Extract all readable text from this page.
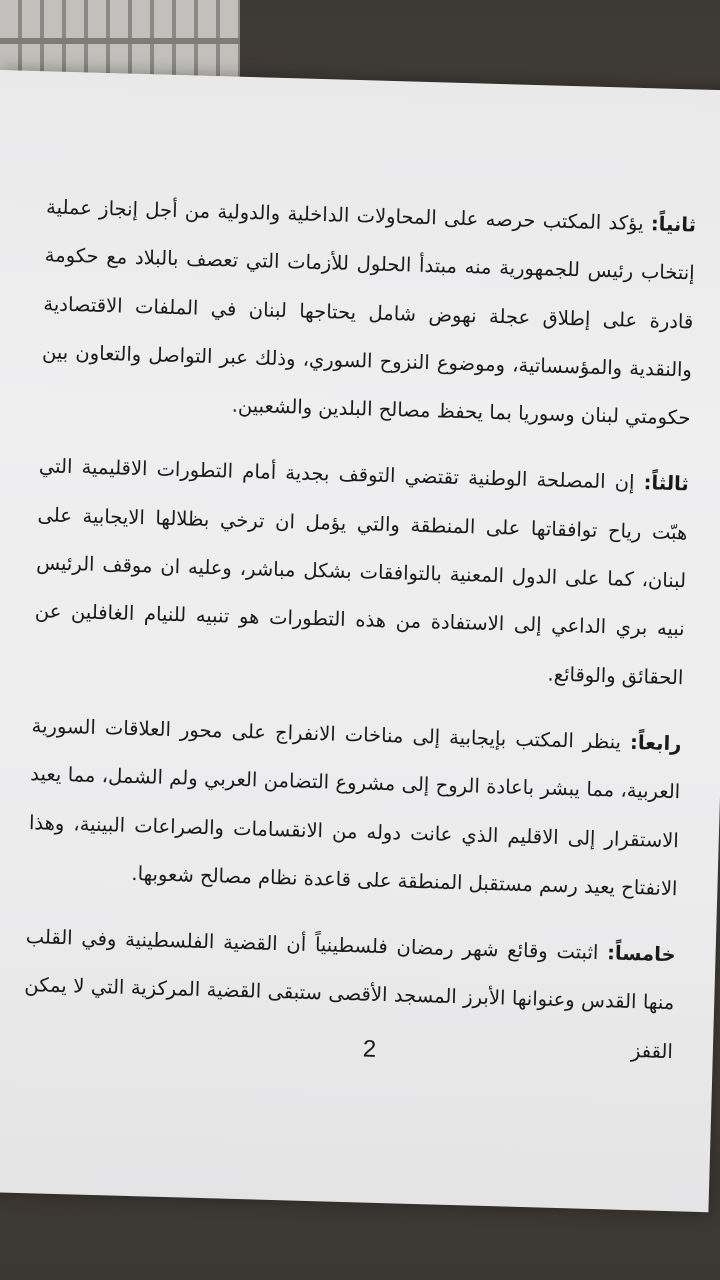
ثانياً: يؤكد المكتب حرصه على المحاولات الداخلية والدولية من أجل إنجاز عملية إنتخاب رئيس للجمهورية منه مبتدأ الحلول للأزمات التي تعصف بالبلاد مع حكومة قادرة على إطلاق عجلة نهوض شامل يحتاجها لبنان في الملفات الاقتصادية والنقدية والمؤسساتية، وموضوع النزوح السوري، وذلك عبر التواصل والتعاون بين حكومتي لبنان وسوريا بما يحفظ مصالح البلدين والشعبين.

ثالثاً: إن المصلحة الوطنية تقتضي التوقف بجدية أمام التطورات الاقليمية التي هبّت رياح توافقاتها على المنطقة والتي يؤمل ان ترخي بظلالها الايجابية على لبنان، كما على الدول المعنية بالتوافقات بشكل مباشر، وعليه ان موقف الرئيس نبيه بري الداعي إلى الاستفادة من هذه التطورات هو تنبيه للنيام الغافلين عن الحقائق والوقائع.

رابعاً: ينظر المكتب بإيجابية إلى مناخات الانفراج على محور العلاقات السورية العربية، مما يبشر باعادة الروح إلى مشروع التضامن العربي ولم الشمل، مما يعيد الاستقرار إلى الاقليم الذي عانت دوله من الانقسامات والصراعات البينية، وهذا الانفتاح يعيد رسم مستقبل المنطقة على قاعدة نظام مصالح شعوبها.

خامساً: اثبتت وقائع شهر رمضان فلسطينياً أن القضية الفلسطينية وفي القلب منها القدس وعنوانها الأبرز المسجد الأقصى ستبقى القضية المركزية التي لا يمكن القفز

2
